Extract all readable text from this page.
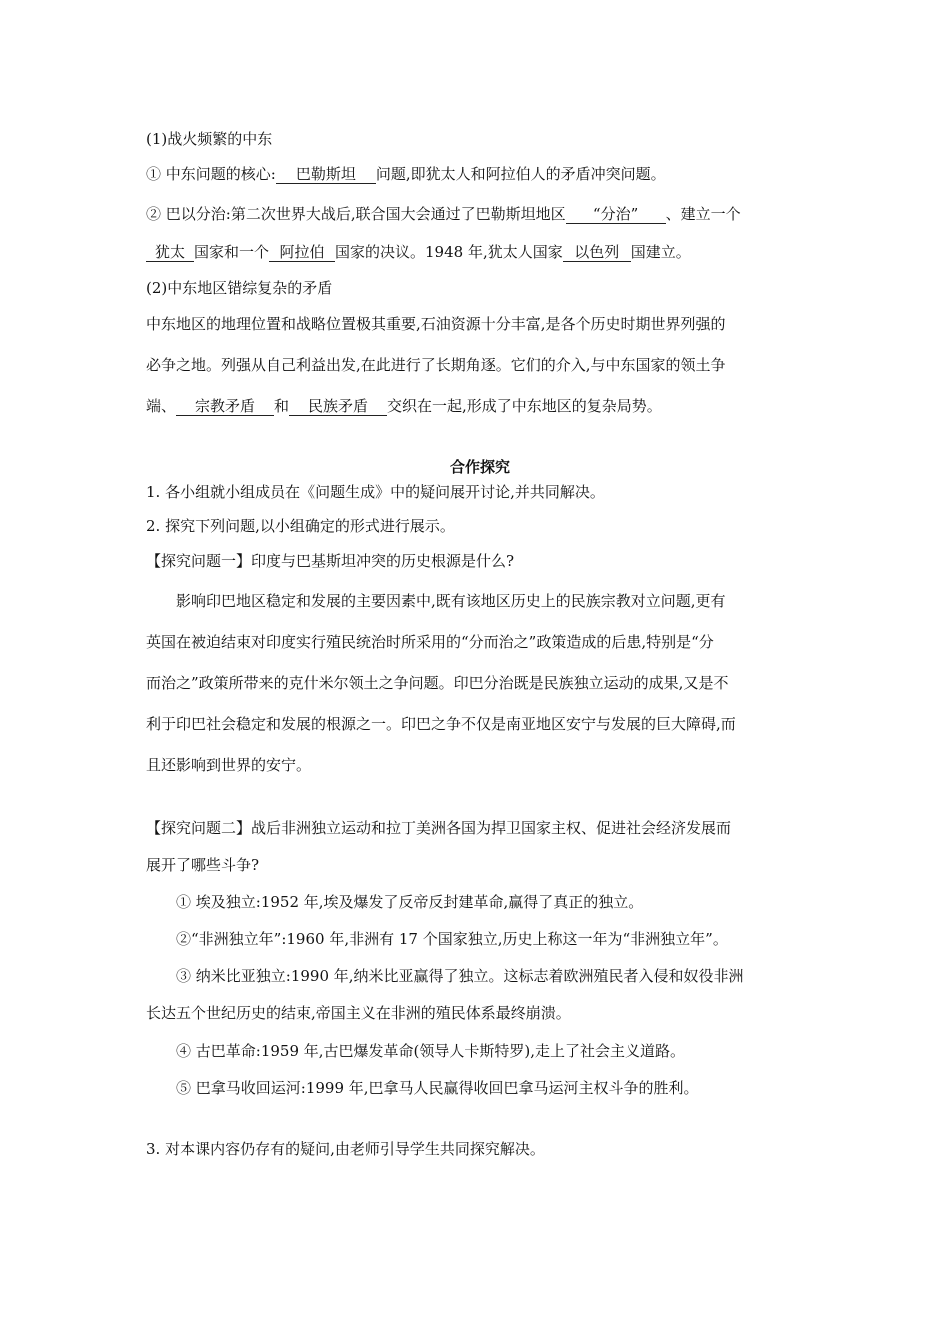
(1)战火频繁的中东
① 中东问题的核心: 巴勒斯坦 问题,即犹太人和阿拉伯人的矛盾冲突问题。
② 巴以分治:第二次世界大战后,联合国大会通过了巴勒斯坦地区 “分治” 、建立一个
犹太 国家和一个 阿拉伯 国家的决议。1948 年,犹太人国家 以色列 国建立。
(2)中东地区错综复杂的矛盾
中东地区的地理位置和战略位置极其重要,石油资源十分丰富,是各个历史时期世界列强的
必争之地。列强从自己利益出发,在此进行了长期角逐。它们的介入,与中东国家的领土争
端、 宗教矛盾 和 民族矛盾 交织在一起,形成了中东地区的复杂局势。
合作探究
1. 各小组就小组成员在《问题生成》中的疑问展开讨论,并共同解决。
2. 探究下列问题,以小组确定的形式进行展示。
【探究问题一】印度与巴基斯坦冲突的历史根源是什么?
影响印巴地区稳定和发展的主要因素中,既有该地区历史上的民族宗教对立问题,更有
英国在被迫结束对印度实行殖民统治时所采用的“分而治之”政策造成的后患,特别是“分
而治之”政策所带来的克什米尔领土之争问题。印巴分治既是民族独立运动的成果,又是不
利于印巴社会稳定和发展的根源之一。印巴之争不仅是南亚地区安宁与发展的巨大障碍,而
且还影响到世界的安宁。
【探究问题二】战后非洲独立运动和拉丁美洲各国为捍卫国家主权、促进社会经济发展而
展开了哪些斗争?
① 埃及独立:1952 年,埃及爆发了反帝反封建革命,赢得了真正的独立。
②“非洲独立年”:1960 年,非洲有 17 个国家独立,历史上称这一年为“非洲独立年”。
③ 纳米比亚独立:1990 年,纳米比亚赢得了独立。这标志着欧洲殖民者入侵和奴役非洲
长达五个世纪历史的结束,帝国主义在非洲的殖民体系最终崩溃。
④ 古巴革命:1959 年,古巴爆发革命(领导人卡斯特罗),走上了社会主义道路。
⑤ 巴拿马收回运河:1999 年,巴拿马人民赢得收回巴拿马运河主权斗争的胜利。
3. 对本课内容仍存有的疑问,由老师引导学生共同探究解决。
